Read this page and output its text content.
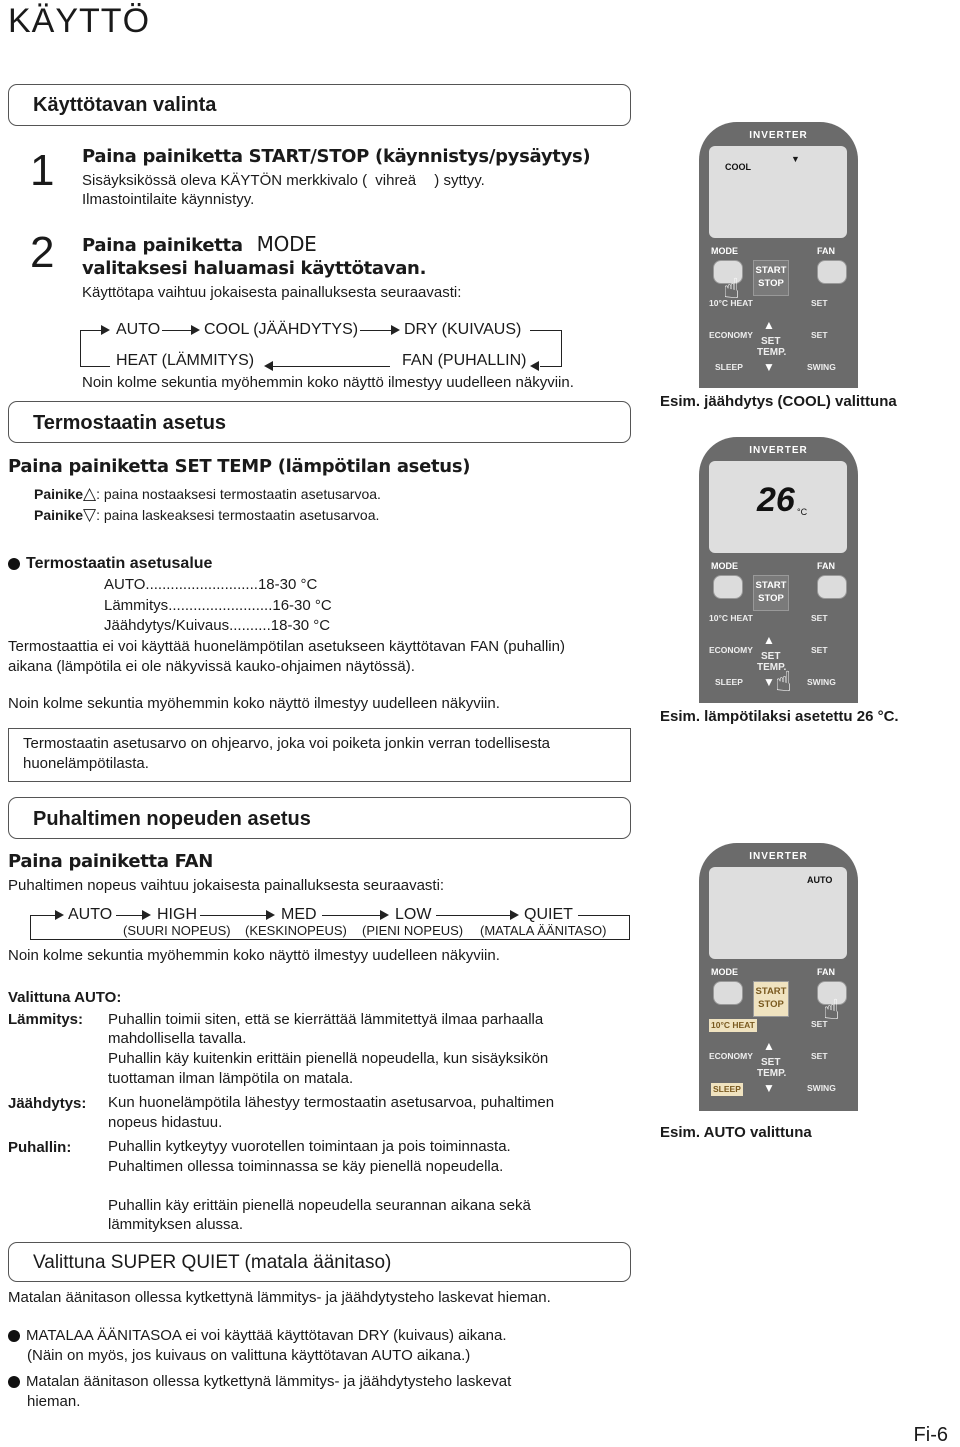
KÄYTTÖ
Käyttötavan valinta
1 Paina painiketta START/STOP (käynnistys/pysäytys)
Sisäyksikössä oleva KÄYTÖN merkkivalo ( vihreä ) syttyy.
Ilmastointilaite käynnistyy.
2 Paina painiketta MODE
valitaksesi haluamasi käyttötavan.
Käyttötapa vaihtuu jokaisesta painalluksesta seuraavasti:
AUTO	COOL (JÄÄHDYTYS)	DRY (KUIVAUS)
FAN (PUHALLIN)
HEAT (LÄMMITYS)
Noin kolme sekuntia myöhemmin koko näyttö ilmestyy uudelleen näkyviin.
Termostaatin asetus
Paina painiketta SET TEMP (lämpötilan asetus)
Painike△: paina nostaaksesi termostaatin asetusarvoa.
Painike▽: paina laskeaksesi termostaatin asetusarvoa.
Termostaatin asetusalue
AUTO...........................18-30 °C
Lämmitys.........................16-30 °C
Jäähdytys/Kuivaus..........18-30 °C
Termostaattia ei voi käyttää huonelämpötilan asetukseen käyttötavan FAN (puhallin)
aikana (lämpötila ei ole näkyvissä kauko-ohjaimen näytössä).
Noin kolme sekuntia myöhemmin koko näyttö ilmestyy uudelleen näkyviin.
Termostaatin asetusarvo on ohjearvo, joka voi poiketa jonkin verran todellisesta
huonelämpötilasta.
Puhaltimen nopeuden asetus
Paina painiketta FAN
Puhaltimen nopeus vaihtuu jokaisesta painalluksesta seuraavasti:
AUTO	HIGH	MED	LOW	QUIET
(SUURI NOPEUS) (KESKINOPEUS) (PIENI NOPEUS) (MATALA ÄÄNITASO)
Noin kolme sekuntia myöhemmin koko näyttö ilmestyy uudelleen näkyviin.
Valittuna AUTO:
Lämmitys: Puhallin toimii siten, että se kierrättää lämmitettyä ilmaa parhaalla
mahdollisella tavalla.
Puhallin käy kuitenkin erittäin pienellä nopeudella, kun sisäyksikön
tuottaman ilman lämpötila on matala.
Jäähdytys: Kun huonelämpötila lähestyy termostaatin asetusarvoa, puhaltimen
nopeus hidastuu.
Puhallin: Puhallin kytkeytyy vuorotellen toimintaan ja pois toiminnasta.
Puhaltimen ollessa toiminnassa se käy pienellä nopeudella.
Puhallin käy erittäin pienellä nopeudella seurannan aikana sekä
lämmityksen alussa.
Valittuna SUPER QUIET (matala äänitaso)
Matalan äänitason ollessa kytkettynä lämmitys- ja jäähdytysteho laskevat hieman.
MATALAA ÄÄNITASOA ei voi käyttää käyttötavan DRY (kuivaus) aikana.
(Näin on myös, jos kuivaus on valittuna käyttötavan AUTO aikana.)
Matalan äänitason ollessa kytkettynä lämmitys- ja jäähdytysteho laskevat
hieman.
Fi-6
INVERTER
COOL
▼
MODE	FAN
START
STOP
10°C HEAT	SET
ECONOMY	SET
▲
SET
TEMP.
▼
SLEEP	SWING
☝
Esim. jäähdytys (COOL) valittuna
INVERTER
26 °C
MODE	FAN
START
STOP
10°C HEAT	SET
ECONOMY	SET
▲
SET
TEMP.
▼
SLEEP	SWING
☝
Esim. lämpötilaksi asetettu 26 °C.
INVERTER
AUTO
MODE	FAN
START
STOP
10°C HEAT	SET
ECONOMY	SET
▲
SET
TEMP.
▼
SLEEP	SWING
☝
Esim. AUTO valittuna
